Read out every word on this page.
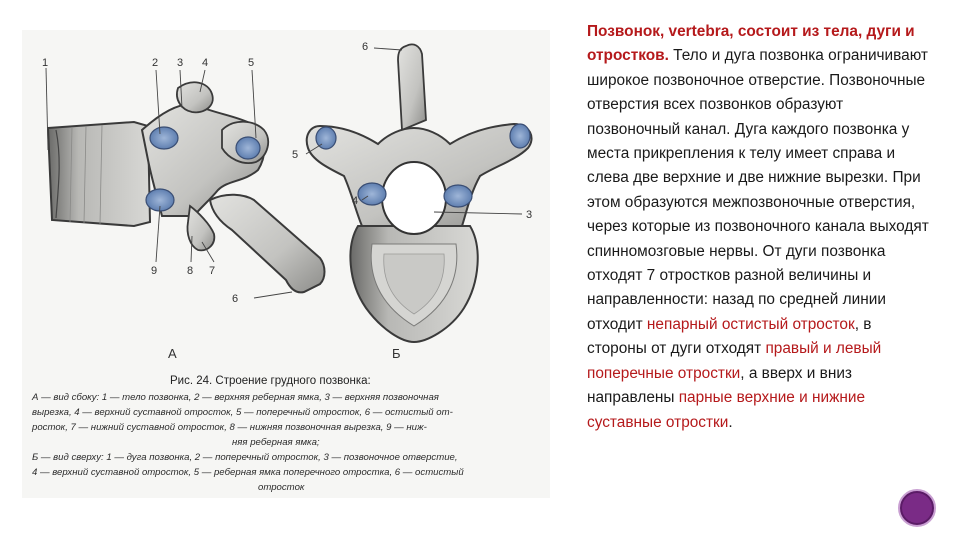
1	2 3 4	5
6
7
8
9
6
5
4
3
А	Б
Рис. 24. Строение грудного позвонка:
А — вид сбоку: 1 — тело позвонка, 2 — верхняя реберная ямка, 3 — верхняя позвоночная
вырезка, 4 — верхний суставной отросток, 5 — поперечный отросток, 6 — остистый от-
росток, 7 — нижний суставной отросток, 8 — нижняя позвоночная вырезка, 9 — ниж-
няя реберная ямка;
Б — вид сверху: 1 — дуга позвонка, 2 — поперечный отросток, 3 — позвоночное отверстие,
4 — верхний суставной отросток, 5 — реберная ямка поперечного отростка, 6 — остистый
отросток
Позвонок, vertebra, состоит из тела, дуги и отростков. Тело и дуга позвонка ограничивают широкое позвоночное отверстие. Позвоночные отверстия всех позвонков образуют позвоночный канал. Дуга каждого позвонка у места прикрепления к телу имеет справа и слева две верхние и две нижние вырезки. При этом образуются межпозвоночные отверстия, через которые из позвоночного канала выходят спинномозговые нервы. От дуги позвонка отходят 7 отростков разной величины и направленности: назад по средней линии отходит непарный остистый отросток, в стороны от дуги отходят правый и левый поперечные отростки, а вверх и вниз направлены парные верхние и нижние суставные отростки.
